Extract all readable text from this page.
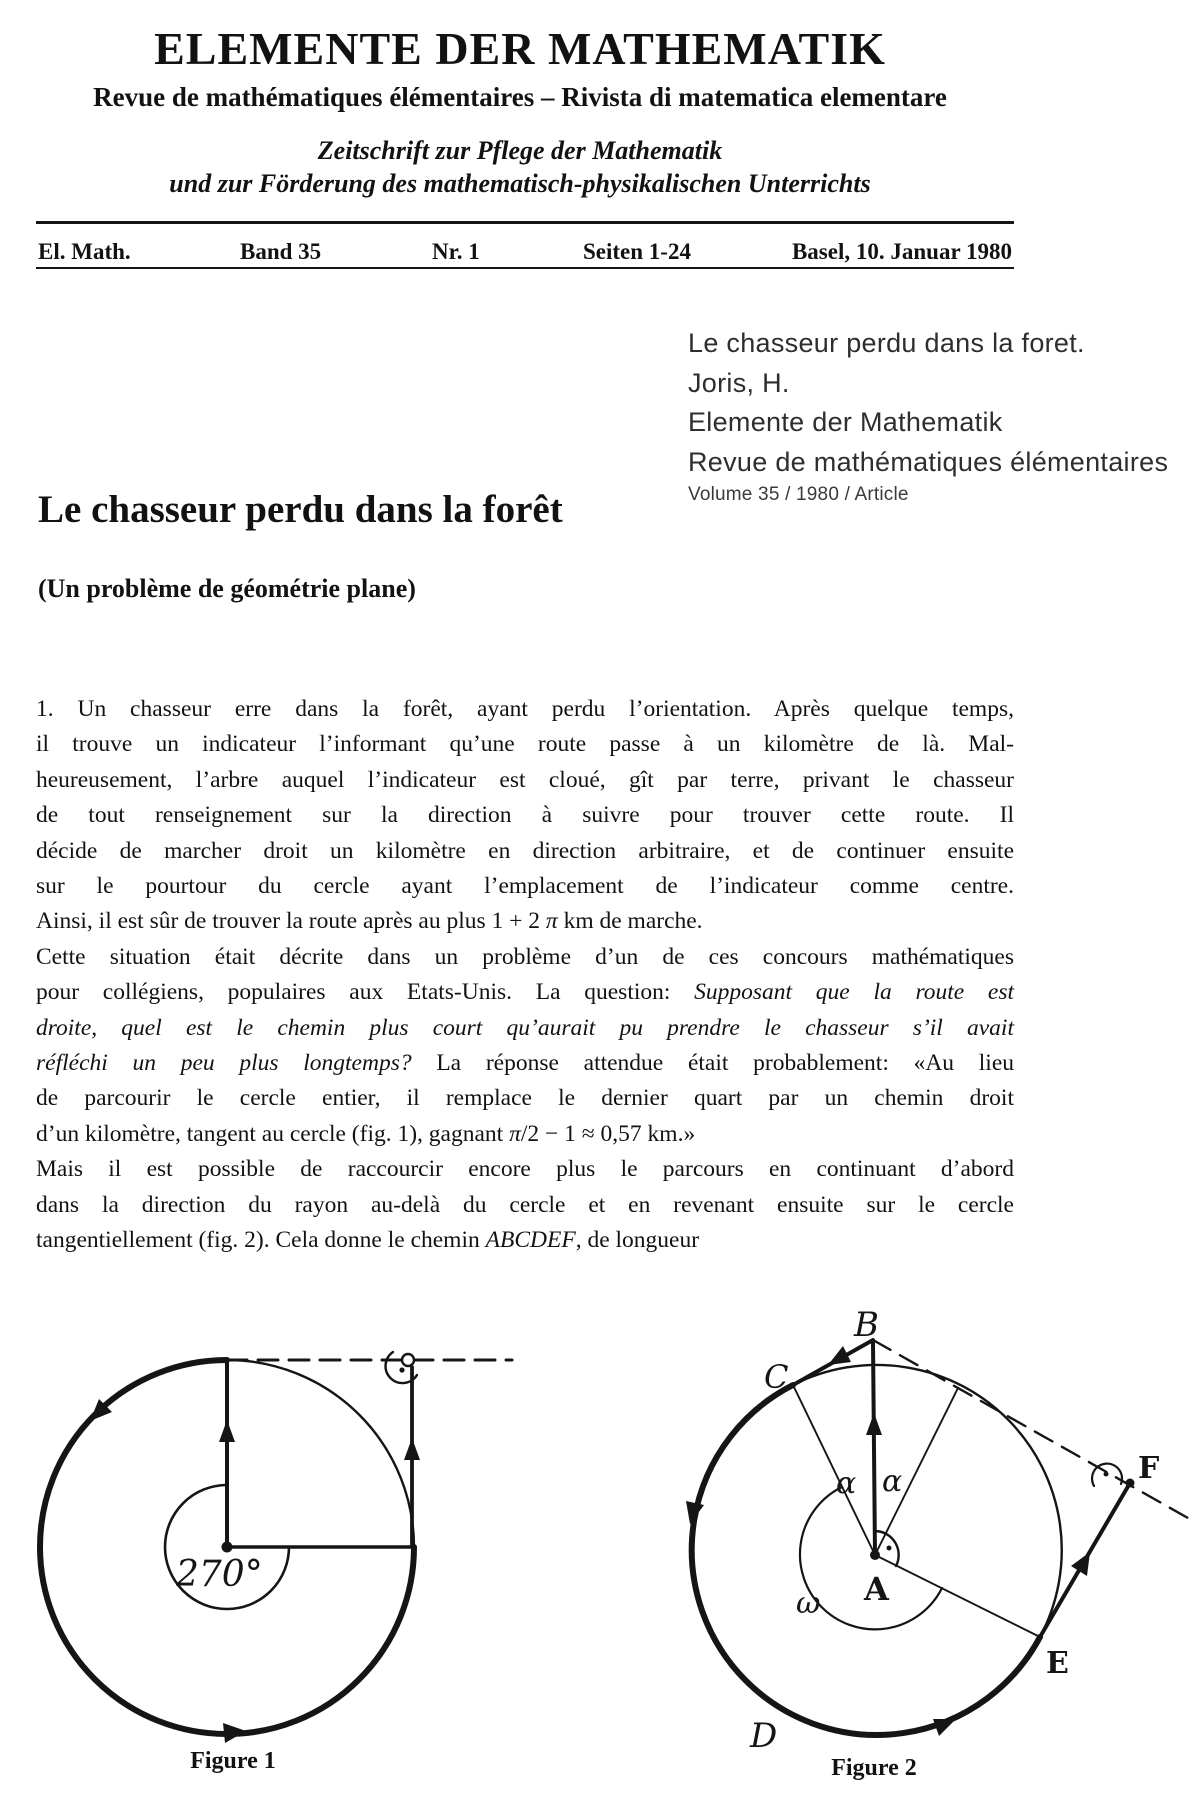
ELEMENTE DER MATHEMATIK
Revue de mathématiques élémentaires – Rivista di matematica elementare
Zeitschrift zur Pflege der Mathematik
und zur Förderung des mathematisch-physikalischen Unterrichts
El. Math.	Band 35	Nr. 1	Seiten 1-24	Basel, 10. Januar 1980
Le chasseur perdu dans la foret.
Joris, H.
Elemente der Mathematik
Revue de mathématiques élémentaires
Volume 35 / 1980 / Article
Le chasseur perdu dans la forêt
(Un problème de géométrie plane)
1. Un chasseur erre dans la forêt, ayant perdu l’orientation. Après quelque temps,
il trouve un indicateur l’informant qu’une route passe à un kilomètre de là. Mal-
heureusement, l’arbre auquel l’indicateur est cloué, gît par terre, privant le chasseur
de tout renseignement sur la direction à suivre pour trouver cette route. Il
décide de marcher droit un kilomètre en direction arbitraire, et de continuer ensuite
sur le pourtour du cercle ayant l’emplacement de l’indicateur comme centre.
Ainsi, il est sûr de trouver la route après au plus 1 + 2 π km de marche.
Cette situation était décrite dans un problème d’un de ces concours mathématiques
pour collégiens, populaires aux Etats-Unis. La question: Supposant que la route est
droite, quel est le chemin plus court qu’aurait pu prendre le chasseur s’il avait
réfléchi un peu plus longtemps? La réponse attendue était probablement: «Au lieu
de parcourir le cercle entier, il remplace le dernier quart par un chemin droit
d’un kilomètre, tangent au cercle (fig. 1), gagnant π/2 − 1 ≈ 0,57 km.»
Mais il est possible de raccourcir encore plus le parcours en continuant d’abord
dans la direction du rayon au-delà du cercle et en revenant ensuite sur le cercle
tangentiellement (fig. 2). Cela donne le chemin ABCDEF, de longueur
270°
Figure 1
B
C
α α
A
ω
D
E
F
Figure 2
